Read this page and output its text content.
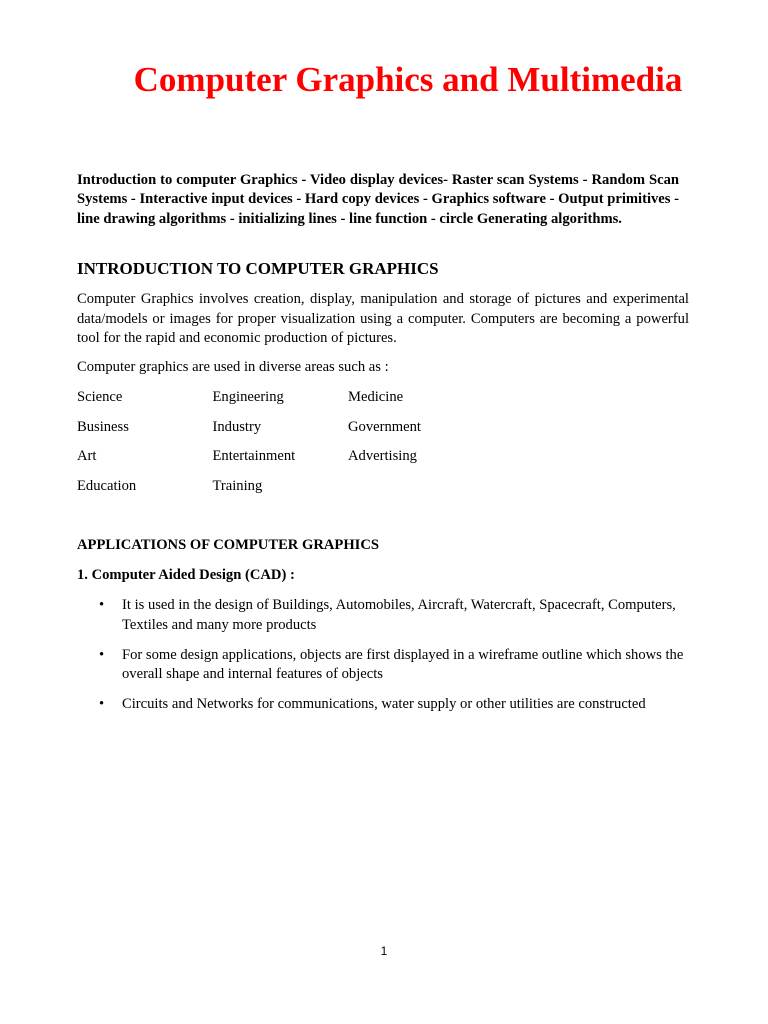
Computer Graphics and Multimedia

Introduction to computer Graphics - Video display devices- Raster scan Systems - Random Scan Systems - Interactive input devices - Hard copy devices - Graphics software - Output primitives - line drawing algorithms - initializing lines - line function - circle Generating algorithms.

INTRODUCTION TO COMPUTER GRAPHICS

Computer Graphics involves creation, display, manipulation and storage of pictures and experimental data/models or images for proper visualization using a computer. Computers are becoming a powerful tool for the rapid and economic production of pictures.

Computer graphics are used in diverse areas such as :

Science	Engineering	Medicine
Business	Industry	Government
Art	Entertainment	Advertising
Education	Training
APPLICATIONS OF COMPUTER GRAPHICS
1. Computer Aided Design (CAD) :
• It is used in the design of Buildings, Automobiles, Aircraft, Watercraft, Spacecraft, Computers, Textiles and many more products
• For some design applications, objects are first displayed in a wireframe outline which shows the overall shape and internal features of objects
• Circuits and Networks for communications, water supply or other utilities are constructed

1
